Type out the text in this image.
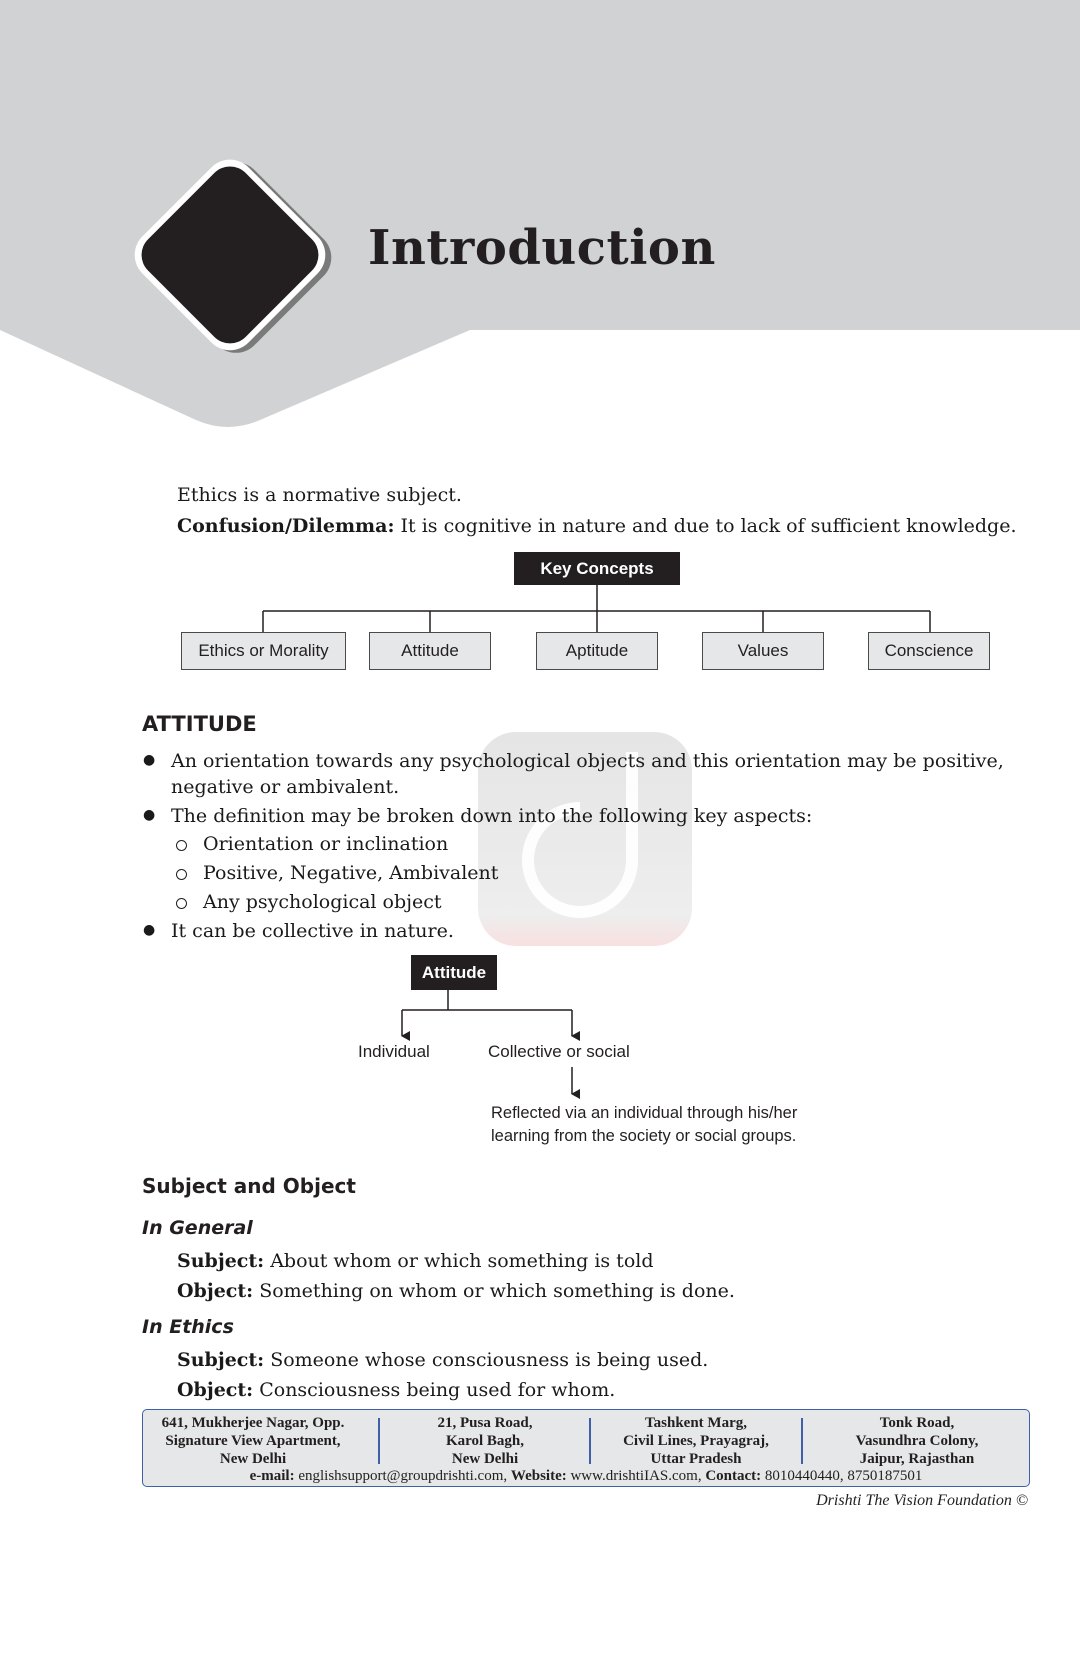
Introduction

Ethics is a normative subject.

Confusion/Dilemma: It is cognitive in nature and due to lack of sufficient knowledge.

Key Concepts
Ethics or Morality	Attitude	Aptitude	Values	Conscience
ATTITUDE
● An orientation towards any psychological objects and this orientation may be positive, negative or ambivalent.

● The definition may be broken down into the following key aspects:

Orientation or inclination

Positive, Negative, Ambivalent

Any psychological object

● It can be collective in nature.

Attitude
Individual	Collective or social
Reflected via an individual through his/her
learning from the society or social groups.
Subject and Object
In General

Subject: About whom or which something is told

Object: Something on whom or which something is done.

In Ethics

Subject: Someone whose consciousness is being used.

Object: Consciousness being used for whom.

641, Mukherjee Nagar, Opp.
Signature View Apartment,
New Delhi
21, Pusa Road,
Karol Bagh,
New Delhi
Tashkent Marg,
Civil Lines, Prayagraj,
Uttar Pradesh
Tonk Road,
Vasundhra Colony,
Jaipur, Rajasthan
e-mail: englishsupport@groupdrishti.com, Website: www.drishtiIAS.com, Contact: 8010440440, 8750187501
Drishti The Vision Foundation ©
